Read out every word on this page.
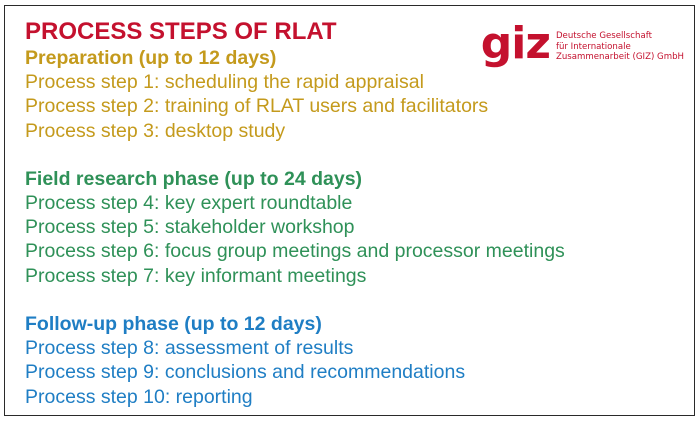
PROCESS STEPS OF RLAT

Preparation (up to 12 days)

Process step 1: scheduling the rapid appraisal

Process step 2: training of RLAT users and facilitators

Process step 3: desktop study

Field research phase (up to 24 days)

Process step 4: key expert roundtable

Process step 5: stakeholder workshop

Process step 6: focus group meetings and processor meetings

Process step 7: key informant meetings

Follow-up phase (up to 12 days)

Process step 8: assessment of results

Process step 9: conclusions and recommendations

Process step 10: reporting

giz Deutsche Gesellschaft
für Internationale
Zusammenarbeit (GIZ) GmbH
